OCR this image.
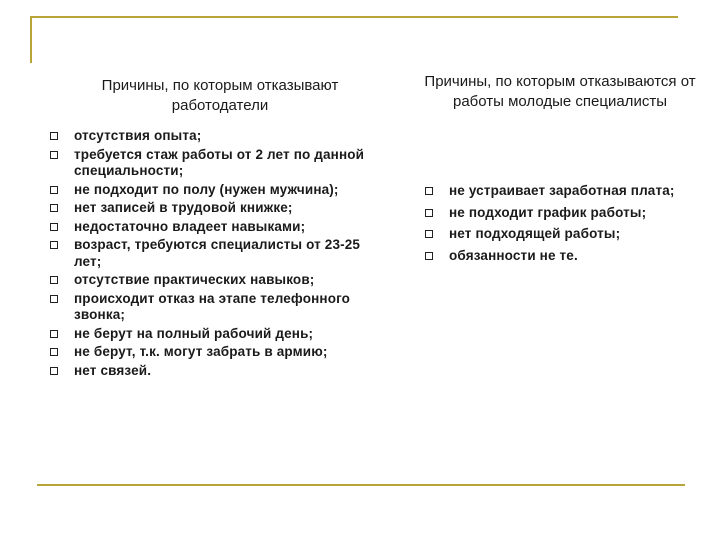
Причины, по которым отказывают работодатели
отсутствия опыта;
требуется стаж работы от 2 лет по данной специальности;
не подходит по полу (нужен мужчина);
нет записей в трудовой книжке;
недостаточно владеет навыками;
возраст, требуются специалисты от 23-25 лет;
отсутствие практических навыков;
происходит отказ на этапе телефонного звонка;
не берут на полный рабочий день;
не берут, т.к. могут забрать в армию;
нет связей.
Причины, по которым отказываются от работы молодые специалисты
не устраивает заработная плата;
не подходит график работы;
нет подходящей работы;
обязанности не те.
